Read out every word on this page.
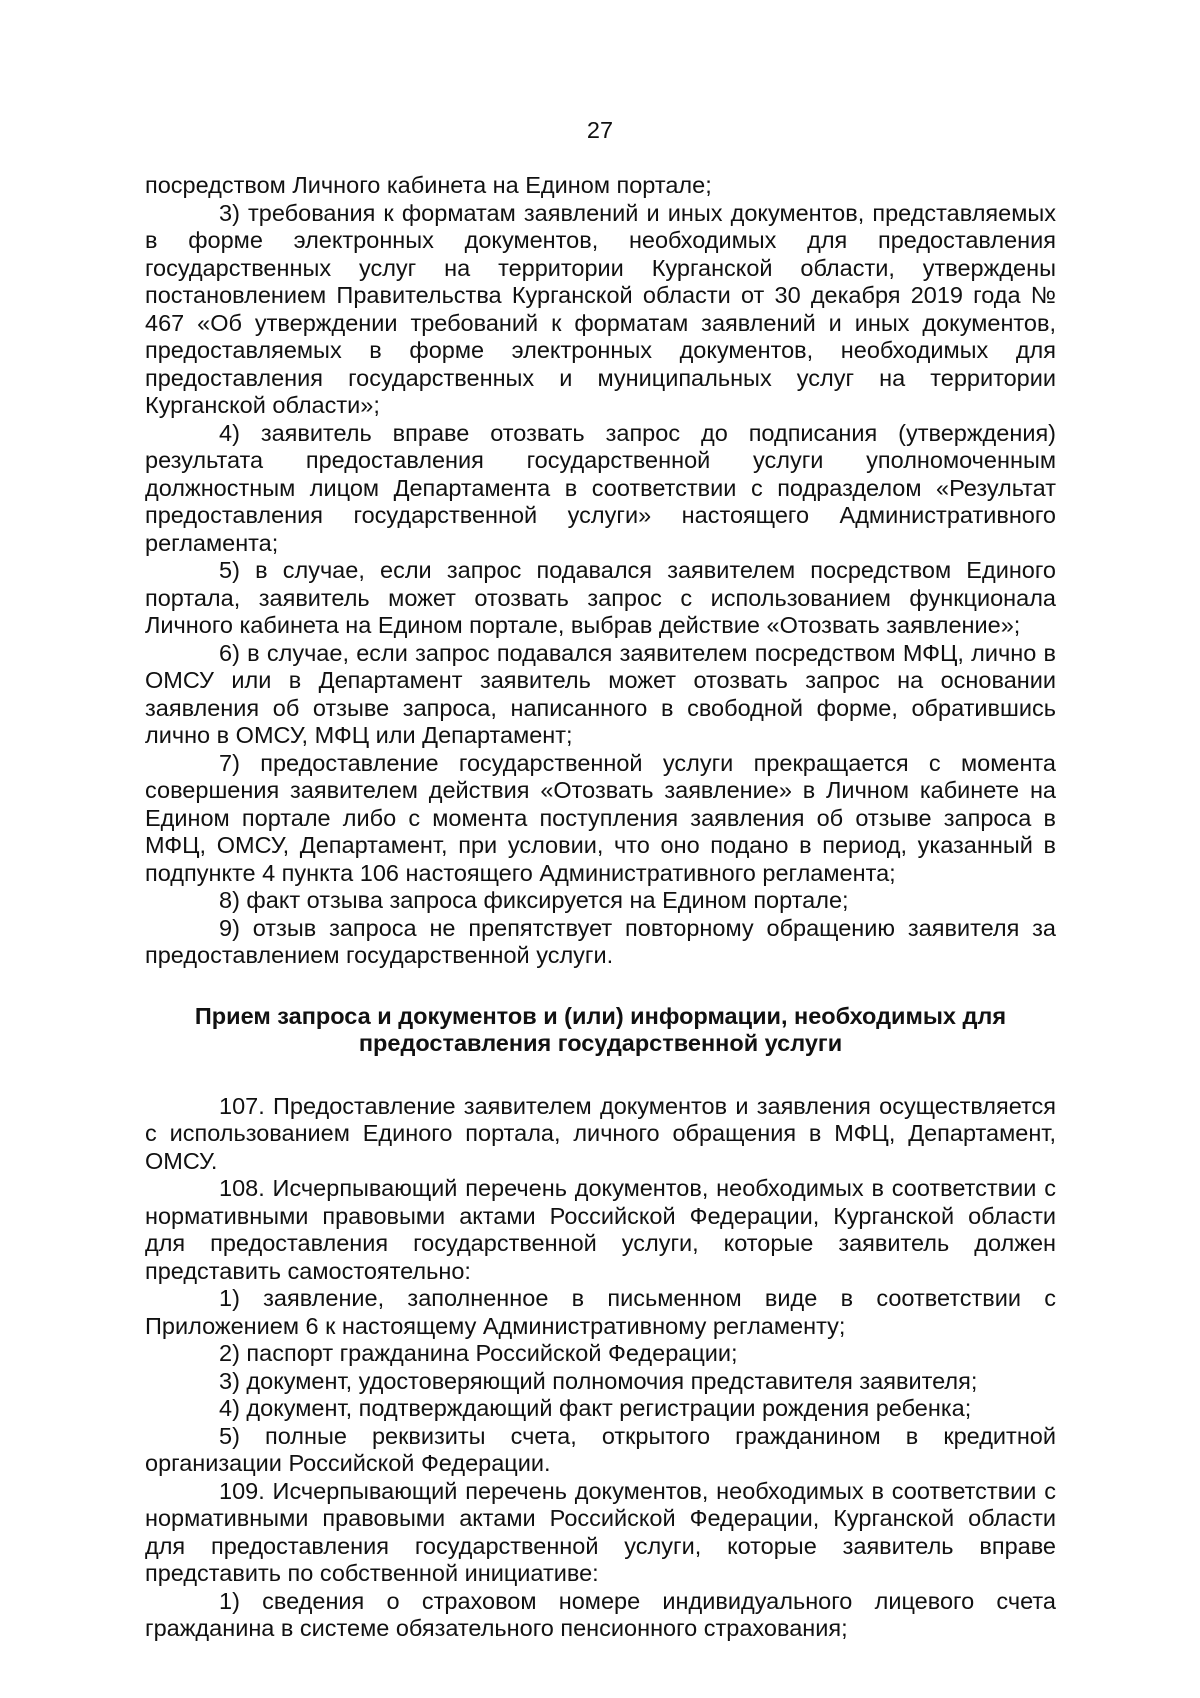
27

посредством Личного кабинета на Едином портале;

3) требования к форматам заявлений и иных документов, представляемых в форме электронных документов, необходимых для предоставления государственных услуг на территории Курганской области, утверждены постановлением Правительства Курганской области от 30 декабря 2019 года № 467 «Об утверждении требований к форматам заявлений и иных документов, предоставляемых в форме электронных документов, необходимых для предоставления государственных и муниципальных услуг на территории Курганской области»;

4) заявитель вправе отозвать запрос до подписания (утверждения) результата предоставления государственной услуги уполномоченным должностным лицом Департамента в соответствии с подразделом «Результат предоставления государственной услуги» настоящего Административного регламента;

5) в случае, если запрос подавался заявителем посредством Единого портала, заявитель может отозвать запрос с использованием функционала Личного кабинета на Едином портале, выбрав действие «Отозвать заявление»;

6) в случае, если запрос подавался заявителем посредством МФЦ, лично в ОМСУ или в Департамент заявитель может отозвать запрос на основании заявления об отзыве запроса, написанного в свободной форме, обратившись лично в ОМСУ, МФЦ или Департамент;

7) предоставление государственной услуги прекращается с момента совершения заявителем действия «Отозвать заявление» в Личном кабинете на Едином портале либо с момента поступления заявления об отзыве запроса в МФЦ, ОМСУ, Департамент, при условии, что оно подано в период, указанный в подпункте 4 пункта 106 настоящего Административного регламента;

8) факт отзыва запроса фиксируется на Едином портале;

9) отзыв запроса не препятствует повторному обращению заявителя за предоставлением государственной услуги.

Прием запроса и документов и (или) информации, необходимых для
предоставления государственной услуги

107. Предоставление заявителем документов и заявления осуществляется с использованием Единого портала, личного обращения в МФЦ, Департамент, ОМСУ.

108. Исчерпывающий перечень документов, необходимых в соответствии с нормативными правовыми актами Российской Федерации, Курганской области для предоставления государственной услуги, которые заявитель должен представить самостоятельно:

1) заявление, заполненное в письменном виде в соответствии с Приложением 6 к настоящему Административному регламенту;

2) паспорт гражданина Российской Федерации;

3) документ, удостоверяющий полномочия представителя заявителя;

4) документ, подтверждающий факт регистрации рождения ребенка;

5) полные реквизиты счета, открытого гражданином в кредитной организации Российской Федерации.

109. Исчерпывающий перечень документов, необходимых в соответствии с нормативными правовыми актами Российской Федерации, Курганской области для предоставления государственной услуги, которые заявитель вправе представить по собственной инициативе:

1) сведения о страховом номере индивидуального лицевого счета гражданина в системе обязательного пенсионного страхования;
